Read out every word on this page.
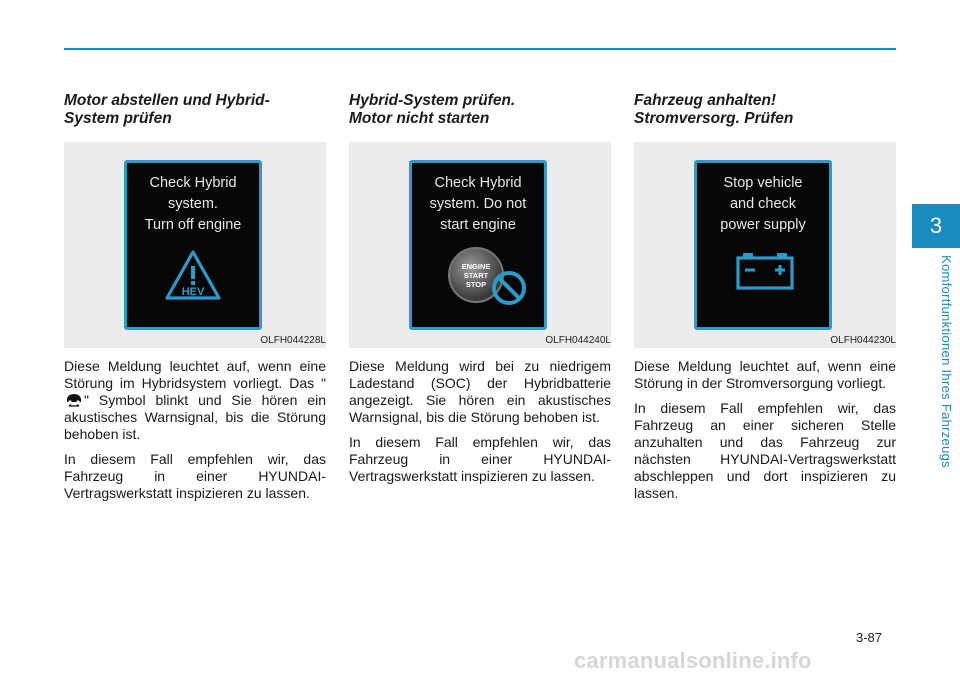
3
Komfortfunktionen Ihres Fahrzeugs
Motor abstellen und Hybrid-
System prüfen
Check Hybrid
system.
Turn off engine
HEV
OLFH044228L

Diese Meldung leuchtet auf, wenn eine Störung im Hybridsystem vorliegt. Das "" Symbol blinkt und Sie hören ein akustisches Warnsignal, bis die Störung behoben ist.

In diesem Fall empfehlen wir, das Fahrzeug in einer HYUNDAI-Vertragswerkstatt inspizieren zu lassen.

Hybrid-System prüfen.
Motor nicht starten
Check Hybrid
system. Do not
start engine
ENGINE
START
STOP
OLFH044240L

Diese Meldung wird bei zu niedrigem Ladestand (SOC) der Hybridbatterie angezeigt. Sie hören ein akustisches Warnsignal, bis die Störung behoben ist.

In diesem Fall empfehlen wir, das Fahrzeug in einer HYUNDAI-Vertragswerkstatt inspizieren zu lassen.

Fahrzeug anhalten!
Stromversorg. Prüfen
Stop vehicle
and check
power supply
OLFH044230L

Diese Meldung leuchtet auf, wenn eine Störung in der Stromversorgung vorliegt.

In diesem Fall empfehlen wir, das Fahrzeug an einer sicheren Stelle anzuhalten und das Fahrzeug zur nächsten HYUNDAI-Vertragswerkstatt abschleppen und dort inspizieren zu lassen.

3-87
carmanualsonline.info
